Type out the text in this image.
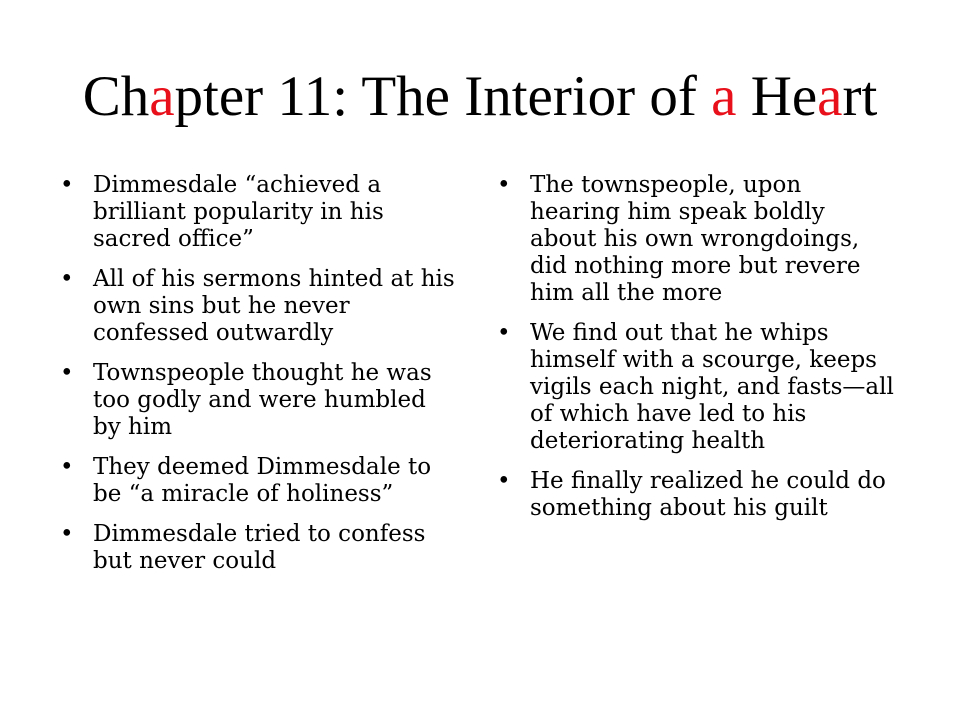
Chapter 11: The Interior of a Heart
• Dimmesdale “achieved a brilliant popularity in his sacred office”
• All of his sermons hinted at his own sins but he never confessed outwardly
• Townspeople thought he was too godly and were humbled by him
• They deemed Dimmesdale to be “a miracle of holiness”
• Dimmesdale tried to confess but never could
• The townspeople, upon hearing him speak boldly about his own wrongdoings, did nothing more but revere him all the more
• We find out that he whips himself with a scourge, keeps vigils each night, and fasts—all of which have led to his deteriorating health
• He finally realized he could do something about his guilt
